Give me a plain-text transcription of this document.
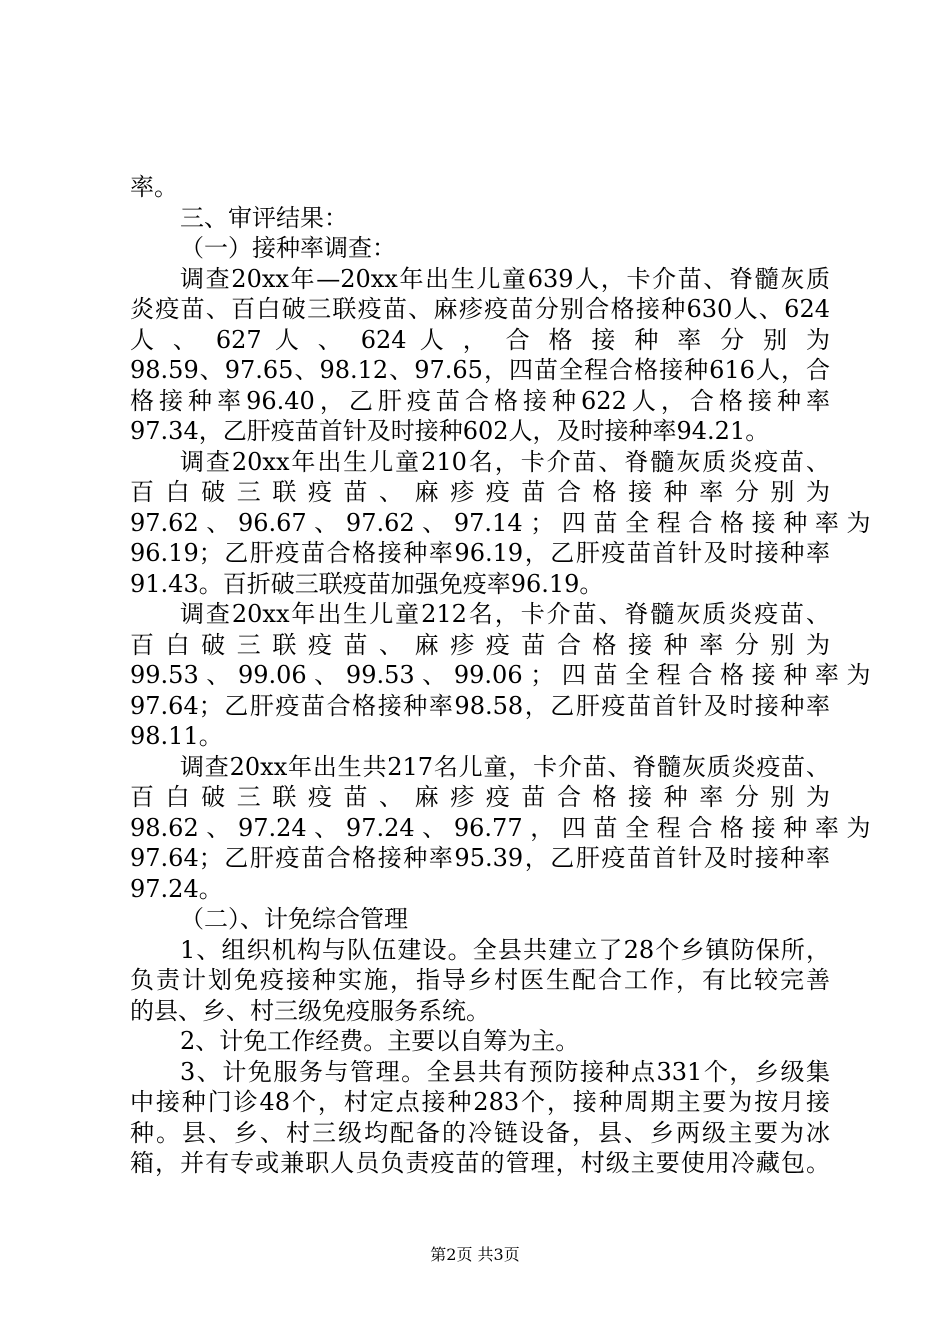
率。
三、审评结果：
（一）接种率调查：
调查20xx年—20xx年出生儿童639人，卡介苗、脊髓灰质
炎疫苗、百白破三联疫苗、麻疹疫苗分别合格接种630人、624
人 、 627 人 、 624 人 ， 合 格 接 种 率 分 别 为
98.59、97.65、98.12、97.65，四苗全程合格接种616人，合
格接种率96.40，乙肝疫苗合格接种622人，合格接种率
97.34，乙肝疫苗首针及时接种602人，及时接种率94.21。
调查20xx年出生儿童210名，卡介苗、脊髓灰质炎疫苗、
百 白 破 三 联 疫 苗 、 麻 疹 疫 苗 合 格 接 种 率 分 别 为
97.62 、 96.67 、 97.62 、 97.14 ； 四 苗 全 程 合 格 接 种 率 为
96.19；乙肝疫苗合格接种率96.19，乙肝疫苗首针及时接种率
91.43。百折破三联疫苗加强免疫率96.19。
调查20xx年出生儿童212名，卡介苗、脊髓灰质炎疫苗、
百 白 破 三 联 疫 苗 、 麻 疹 疫 苗 合 格 接 种 率 分 别 为
99.53 、 99.06 、 99.53 、 99.06 ； 四 苗 全 程 合 格 接 种 率 为
97.64；乙肝疫苗合格接种率98.58，乙肝疫苗首针及时接种率
98.11。
调查20xx年出生共217名儿童，卡介苗、脊髓灰质炎疫苗、
百 白 破 三 联 疫 苗 、 麻 疹 疫 苗 合 格 接 种 率 分 别 为
98.62 、 97.24 、 97.24 、 96.77 ， 四 苗 全 程 合 格 接 种 率 为
97.64；乙肝疫苗合格接种率95.39，乙肝疫苗首针及时接种率
97.24。
（二）、计免综合管理
1、组织机构与队伍建设。全县共建立了28个乡镇防保所，
负责计划免疫接种实施，指导乡村医生配合工作，有比较完善
的县、乡、村三级免疫服务系统。
2、计免工作经费。主要以自筹为主。
3、计免服务与管理。全县共有预防接种点331个，乡级集
中接种门诊48个，村定点接种283个，接种周期主要为按月接
种。县、乡、村三级均配备的冷链设备，县、乡两级主要为冰
箱，并有专或兼职人员负责疫苗的管理，村级主要使用冷藏包。
第2页 共3页
